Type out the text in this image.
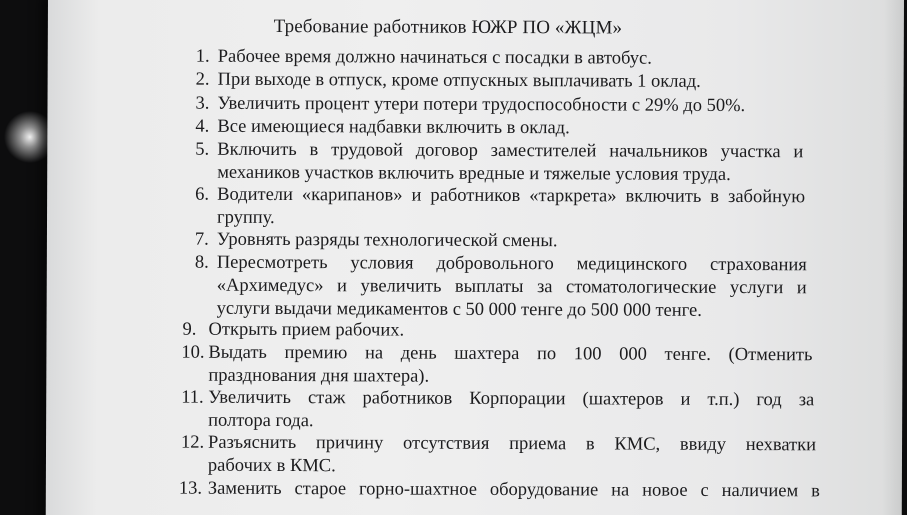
Требование работников ЮЖР ПО «ЖЦМ»
1. Рабочее время должно начинаться с посадки в автобус.
2. При выходе в отпуск, кроме отпускных выплачивать 1 оклад.
3. Увеличить процент утери потери трудоспособности с 29% до 50%.
4. Все имеющиеся надбавки включить в оклад.
5. Включить в трудовой договор заместителей начальников участка и
механиков участков включить вредные и тяжелые условия труда.
6. Водители «карипанов» и работников «таркрета» включить в забойную
группу.
7. Уровнять разряды технологической смены.
8. Пересмотреть условия добровольного медицинского страхования
«Архимедус» и увеличить выплаты за стоматологические услуги и
услуги выдачи медикаментов с 50 000 тенге до 500 000 тенге.
9. Открыть прием рабочих.
10. Выдать премию на день шахтера по 100 000 тенге. (Отменить
празднования дня шахтера).
11. Увеличить стаж работников Корпорации (шахтеров и т.п.) год за
полтора года.
12. Разъяснить причину отсутствия приема в КМС, ввиду нехватки
рабочих в КМС.
13. Заменить старое горно-шахтное оборудование на новое с наличием в
